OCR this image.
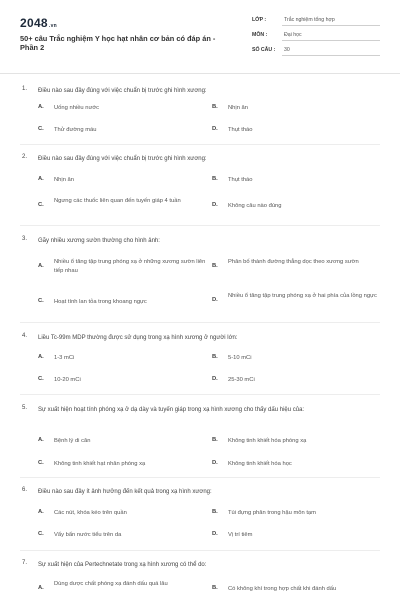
2048.vn
50+ câu Trắc nghiệm Y học hạt nhân cơ bản có đáp án - Phần 2
LỚP :	Trắc nghiệm tổng hợp
MÔN :	Đại học
SỐ CÂU : 30
1. Điều nào sau đây đúng với việc chuẩn bị trước ghi hình xương:
A. Uống nhiều nước	B. Nhịn ăn
C. Thử đường máu	D. Thụt tháo
2. Điều nào sau đây đúng với việc chuẩn bị trước ghi hình xương:
A. Nhịn ăn	B. Thụt tháo
C.
Ngưng các thuốc liên quan đến tuyến giáp 4 tuần
D. Không câu nào đúng
3. Gãy nhiều xương sườn thường cho hình ảnh:
A.
Nhiều ổ tăng tập trung phóng xạ ở những xương sườn liên tiếp nhau
B.
Phân bố thành đường thẳng dọc theo xương sườn
C. Hoạt tính lan tỏa trong khoang ngực	D.
Nhiều ổ tăng tập trung phóng xạ ở hai phía của lồng ngực
4. Liều Tc-99m MDP thường được sử dụng trong xạ hình xương ở người lớn:
A. 1-3 mCi	B. 5-10 mCi
C. 10-20 mCi	D. 25-30 mCi
5. Sự xuất hiện hoạt tính phóng xạ ở dạ dày và tuyến giáp trong xạ hình xương cho thấy dấu hiệu của:
A. Bệnh lý di căn	B. Không tinh khiết hóa phóng xạ
C. Không tinh khiết hạt nhân phóng xạ	D. Không tinh khiết hóa học
6. Điều nào sau đây ít ảnh hưởng đến kết quả trong xạ hình xương:
A. Các nút, khóa kéo trên quần	B. Túi đựng phân trong hậu môn tạm
C. Vẩy bẩn nước tiểu trên da	D. Vị trí tiêm
7. Sự xuất hiện của Pertechnetate trong xạ hình xương có thể do:
A.
Dùng dược chất phóng xạ đánh dấu quá lâu
B. Có không khí trong hợp chất khi đánh dấu
